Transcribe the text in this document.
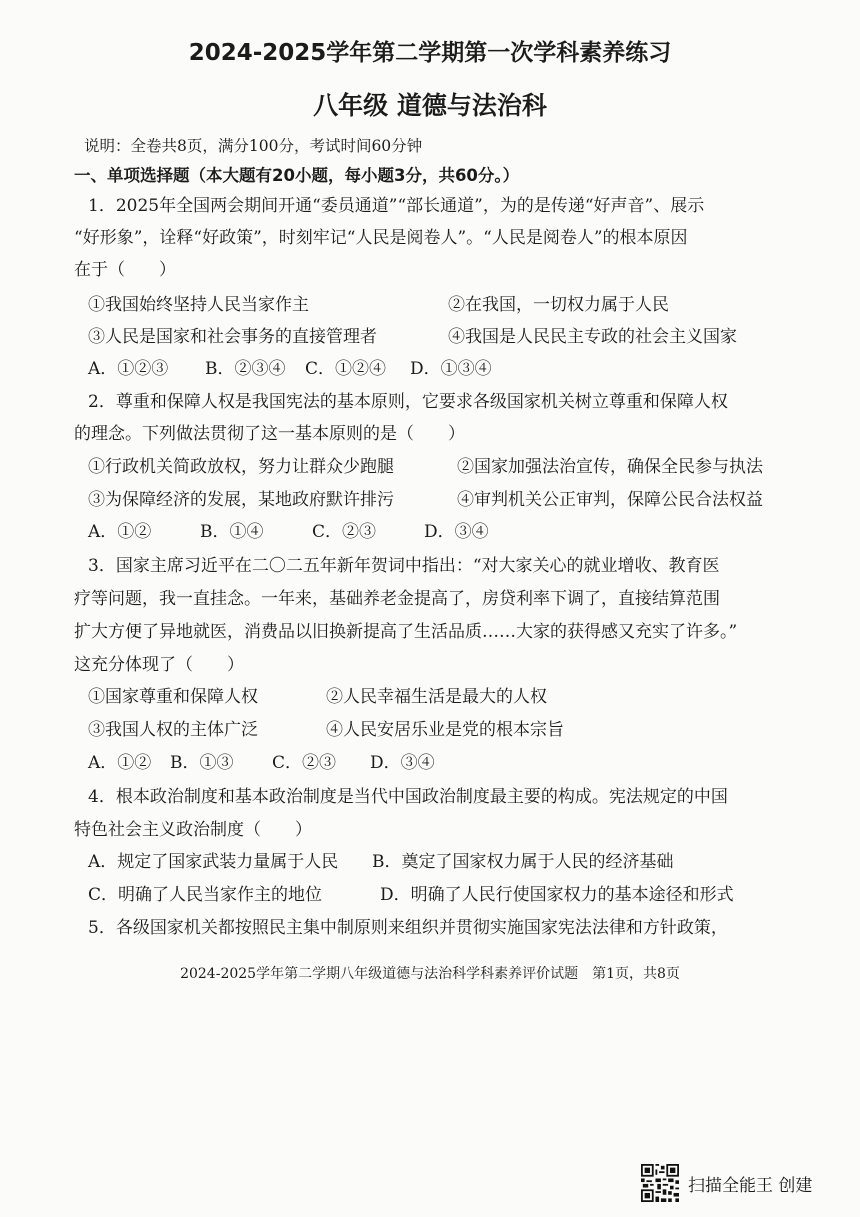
2024-2025学年第二学期第一次学科素养练习
八年级 道德与法治科
说明：全卷共8页，满分100分，考试时间60分钟
一、单项选择题（本大题有20小题，每小题3分，共60分。）
1．2025年全国两会期间开通“委员通道”“部长通道”，为的是传递“好声音”、展示
“好形象”，诠释“好政策”，时刻牢记“人民是阅卷人”。“人民是阅卷人”的根本原因
在于（　　）
①我国始终坚持人民当家作主	②在我国，一切权力属于人民
③人民是国家和社会事务的直接管理者	④我国是人民民主专政的社会主义国家
A．①②③ B．②③④ C．①②④ D．①③④
2．尊重和保障人权是我国宪法的基本原则，它要求各级国家机关树立尊重和保障人权
的理念。下列做法贯彻了这一基本原则的是（　　）
①行政机关简政放权，努力让群众少跑腿	②国家加强法治宣传，确保全民参与执法
③为保障经济的发展，某地政府默许排污	④审判机关公正审判，保障公民合法权益
A．①②	B．①④	C．②③	D．③④
3．国家主席习近平在二〇二五年新年贺词中指出：“对大家关心的就业增收、教育医
疗等问题，我一直挂念。一年来，基础养老金提高了，房贷利率下调了，直接结算范围
扩大方便了异地就医，消费品以旧换新提高了生活品质……大家的获得感又充实了许多。”
这充分体现了（　　）
①国家尊重和保障人权	②人民幸福生活是最大的人权
③我国人权的主体广泛	④人民安居乐业是党的根本宗旨
A．①② B．①③ C．②③ D．③④
4．根本政治制度和基本政治制度是当代中国政治制度最主要的构成。宪法规定的中国
特色社会主义政治制度（　　）
A．规定了国家武装力量属于人民 B．奠定了国家权力属于人民的经济基础
C．明确了人民当家作主的地位	D．明确了人民行使国家权力的基本途径和形式
5．各级国家机关都按照民主集中制原则来组织并贯彻实施国家宪法法律和方针政策，
2024-2025学年第二学期八年级道德与法治科学科素养评价试题 第1页，共8页
扫描全能王 创建
